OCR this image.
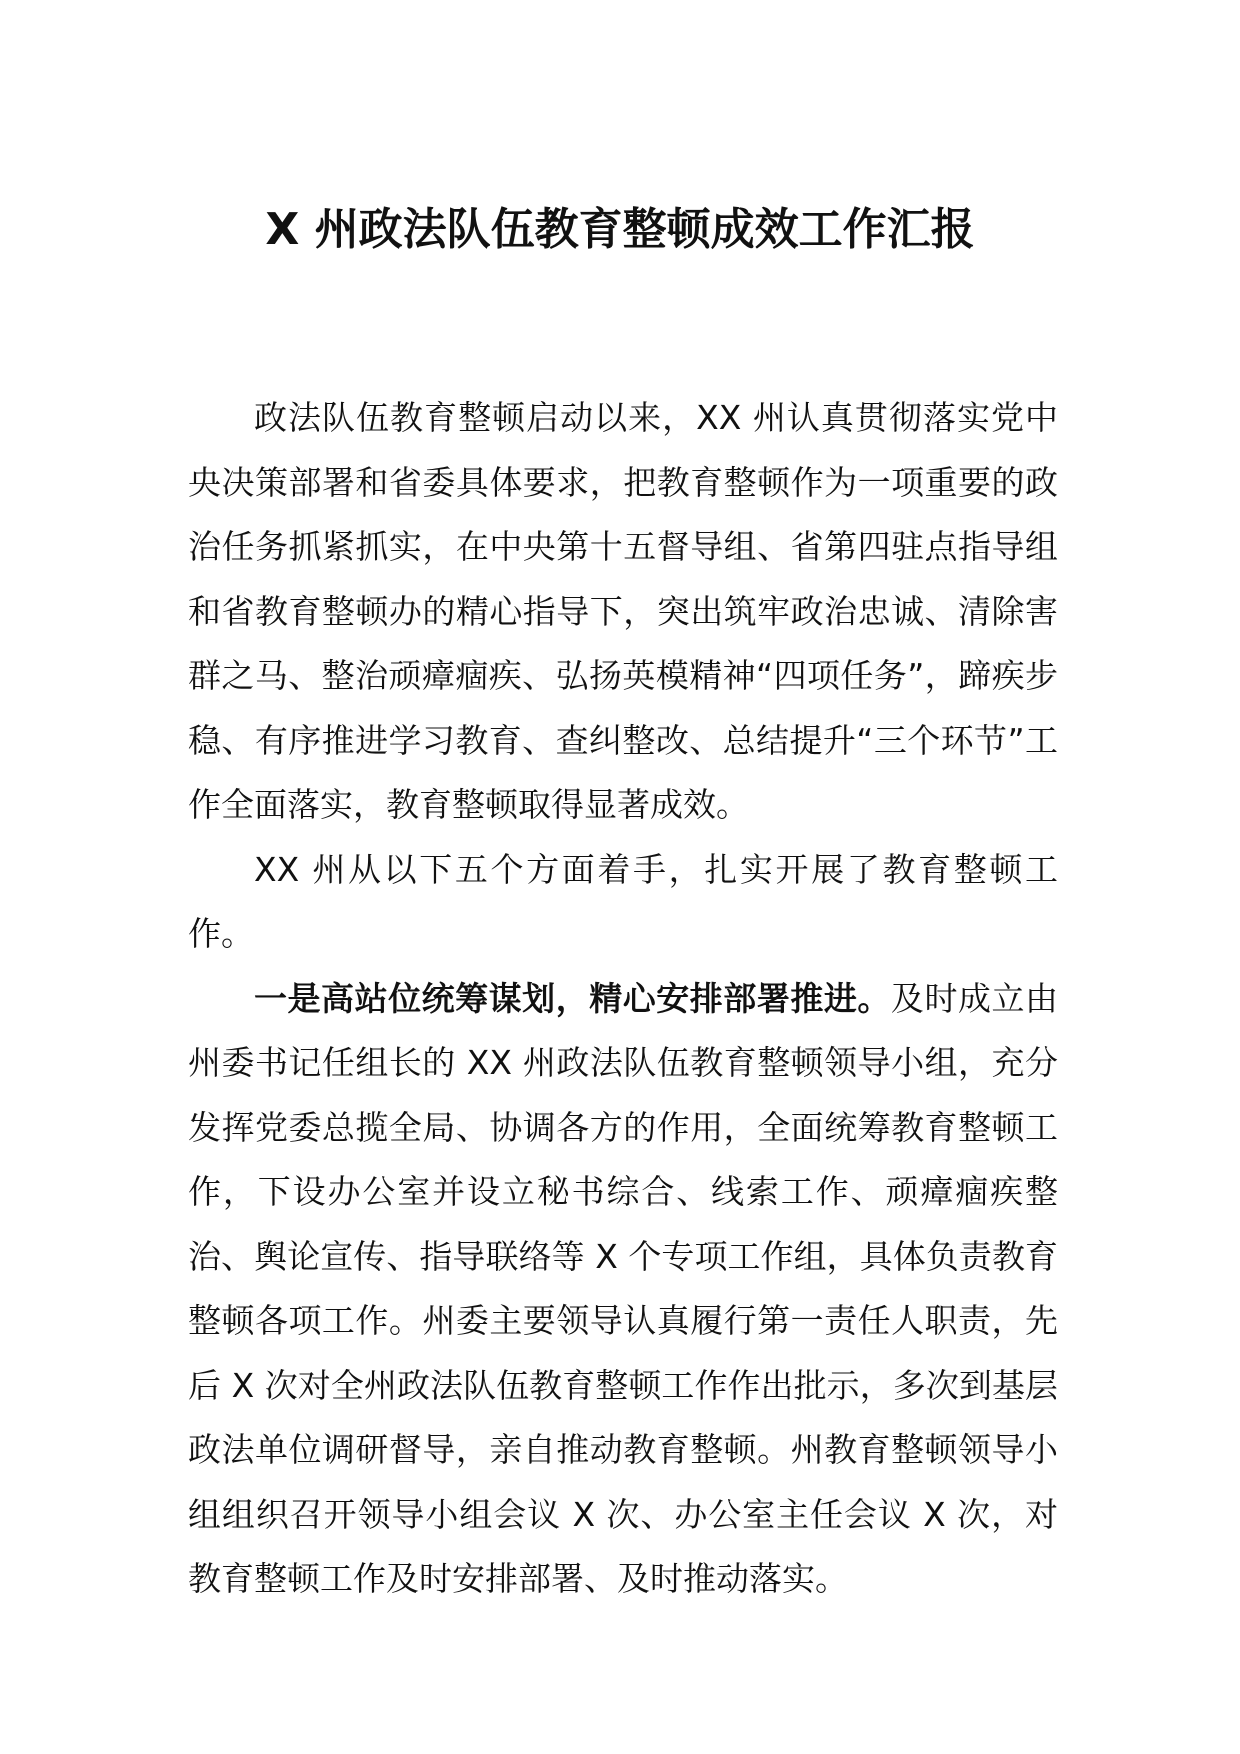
X 州政法队伍教育整顿成效工作汇报

政法队伍教育整顿启动以来，XX 州认真贯彻落实党中央决策部署和省委具体要求，把教育整顿作为一项重要的政治任务抓紧抓实，在中央第十五督导组、省第四驻点指导组和省教育整顿办的精心指导下，突出筑牢政治忠诚、清除害群之马、整治顽瘴痼疾、弘扬英模精神“四项任务”，蹄疾步稳、有序推进学习教育、查纠整改、总结提升“三个环节”工作全面落实，教育整顿取得显著成效。

XX 州从以下五个方面着手，扎实开展了教育整顿工作。

一是高站位统筹谋划，精心安排部署推进。及时成立由州委书记任组长的 XX 州政法队伍教育整顿领导小组，充分发挥党委总揽全局、协调各方的作用，全面统筹教育整顿工作，下设办公室并设立秘书综合、线索工作、顽瘴痼疾整治、舆论宣传、指导联络等 X 个专项工作组，具体负责教育整顿各项工作。州委主要领导认真履行第一责任人职责，先后 X 次对全州政法队伍教育整顿工作作出批示，多次到基层政法单位调研督导，亲自推动教育整顿。州教育整顿领导小组组织召开领导小组会议 X 次、办公室主任会议 X 次，对教育整顿工作及时安排部署、及时推动落实。
